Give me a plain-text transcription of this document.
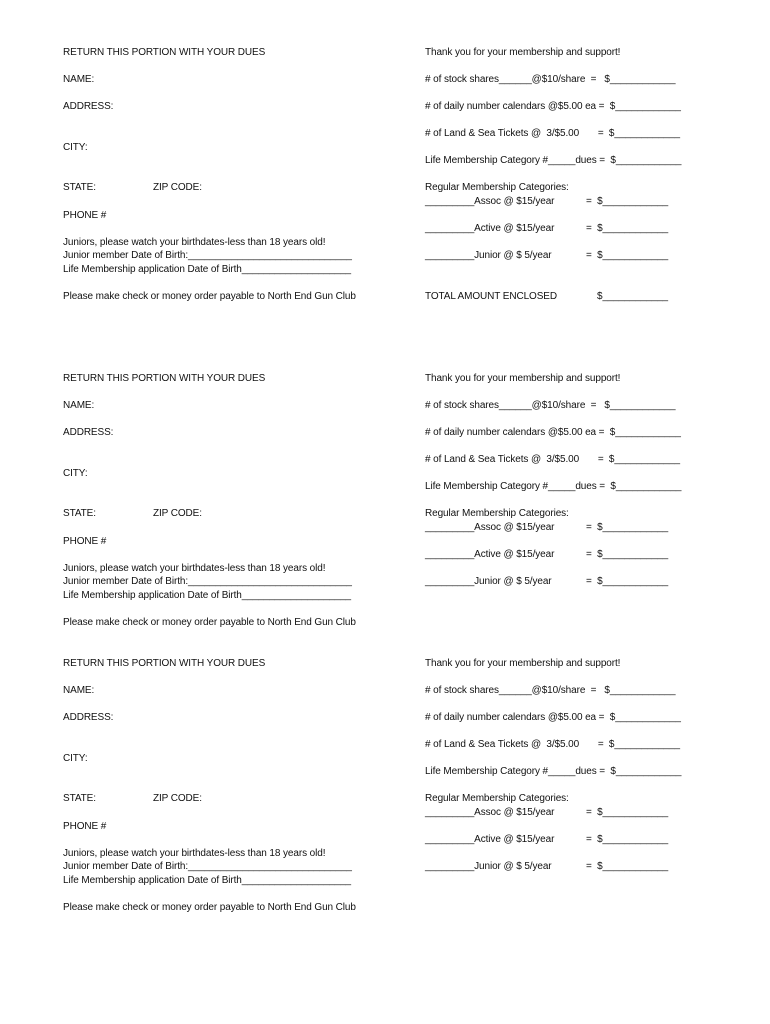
RETURN THIS PORTION WITH YOUR DUES
NAME:
ADDRESS:
CITY:
STATE:	ZIP CODE:
PHONE #
Juniors, please watch your birthdates-less than 18 years old!
Junior member Date of Birth:______________________________
Life Membership application Date of Birth____________________
Please make check or money order payable to North End Gun Club
Thank you for your membership and support!
# of stock shares______@$10/share  =   $____________
# of daily number calendars @$5.00 ea =  $____________
# of Land & Sea Tickets @  3/$5.00       =  $____________
Life Membership Category #_____dues =  $____________
Regular Membership Categories:
_________Assoc @ $15/year	=  $____________
_________Active @ $15/year	=  $____________
_________Junior @ $ 5/year	=  $____________
TOTAL AMOUNT ENCLOSED	$____________
RETURN THIS PORTION WITH YOUR DUES
NAME:
ADDRESS:
CITY:
STATE:	ZIP CODE:
PHONE #
Juniors, please watch your birthdates-less than 18 years old!
Junior member Date of Birth:______________________________
Life Membership application Date of Birth____________________
Please make check or money order payable to North End Gun Club
Thank you for your membership and support!
# of stock shares______@$10/share  =   $____________
# of daily number calendars @$5.00 ea =  $____________
# of Land & Sea Tickets @  3/$5.00       =  $____________
Life Membership Category #_____dues =  $____________
Regular Membership Categories:
_________Assoc @ $15/year	=  $____________
_________Active @ $15/year	=  $____________
_________Junior @ $ 5/year	=  $____________
RETURN THIS PORTION WITH YOUR DUES
NAME:
ADDRESS:
CITY:
STATE:	ZIP CODE:
PHONE #
Juniors, please watch your birthdates-less than 18 years old!
Junior member Date of Birth:______________________________
Life Membership application Date of Birth____________________
Please make check or money order payable to North End Gun Club
Thank you for your membership and support!
# of stock shares______@$10/share  =   $____________
# of daily number calendars @$5.00 ea =  $____________
# of Land & Sea Tickets @  3/$5.00       =  $____________
Life Membership Category #_____dues =  $____________
Regular Membership Categories:
_________Assoc @ $15/year	=  $____________
_________Active @ $15/year	=  $____________
_________Junior @ $ 5/year	=  $____________
